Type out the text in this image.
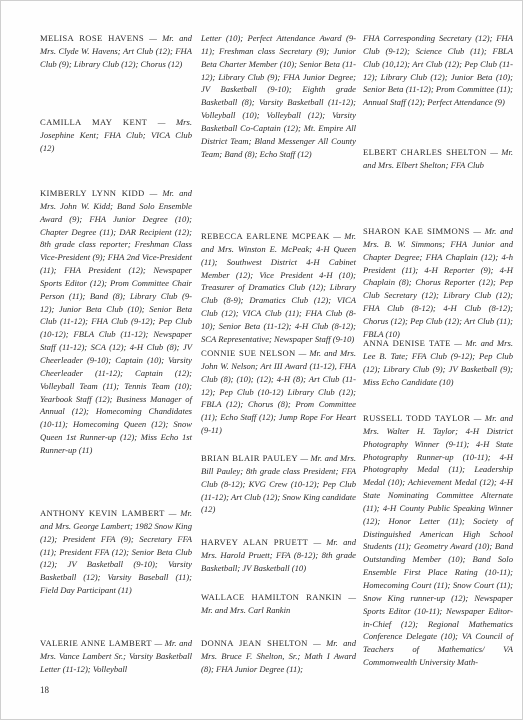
MELISA ROSE HAVENS — Mr. and Mrs. Clyde W. Havens; Art Club (12); FHA Club (9); Library Club (12); Chorus (12)

CAMILLA MAY KENT — Mrs. Josephine Kent; FHA Club; VICA Club (12)

KIMBERLY LYNN KIDD — Mr. and Mrs. John W. Kidd; Band Solo Ensemble Award (9); FHA Junior Degree (10); Chapter Degree (11); DAR Recipient (12); 8th grade class reporter; Freshman Class Vice-President (9); FHA 2nd Vice-President (11); FHA President (12); Newspaper Sports Editor (12); Prom Committee Chair Person (11); Band (8); Library Club (9-12); Junior Beta Club (10); Senior Beta Club (11-12); FHA Club (9-12); Pep Club (10-12); FBLA Club (11-12); Newspaper Staff (11-12); SCA (12); 4-H Club (8); JV Cheerleader (9-10); Captain (10); Varsity Cheerleader (11-12); Captain (12); Volleyball Team (11); Tennis Team (10); Yearbook Staff (12); Business Manager of Annual (12); Homecoming Chandidates (10-11); Homecoming Queen (12); Snow Queen 1st Runner-up (12); Miss Echo 1st Runner-up (11)

ANTHONY KEVIN LAMBERT — Mr. and Mrs. George Lambert; 1982 Snow King (12); President FFA (9); Secretary FFA (11); President FFA (12); Senior Beta Club (12); JV Basketball (9-10); Varsity Basketball (12); Varsity Baseball (11); Field Day Participant (11)

VALERIE ANNE LAMBERT — Mr. and Mrs. Vance Lambert Sr.; Varsity Basketball Letter (11-12); Volleyball

Letter (10); Perfect Attendance Award (9-11); Freshman class Secretary (9); Junior Beta Charter Member (10); Senior Beta (11-12); Library Club (9); FHA Junior Degree; JV Basketball (9-10); Eighth grade Basketball (8); Varsity Basketball (11-12); Volleyball (10); Volleyball (12); Varsity Basketball Co-Captain (12); Mt. Empire All District Team; Bland Messenger All County Team; Band (8); Echo Staff (12)

REBECCA EARLENE MCPEAK — Mr. and Mrs. Winston E. McPeak; 4-H Queen (11); Southwest District 4-H Cabinet Member (12); Vice President 4-H (10); Treasurer of Dramatics Club (12); Library Club (8-9); Dramatics Club (12); VICA Club (12); VICA Club (11); FHA Club (8-10); Senior Beta (11-12); 4-H Club (8-12); SCA Representative; Newspaper Staff (9-10)

CONNIE SUE NELSON — Mr. and Mrs. John W. Nelson; Art III Award (11-12), FHA Club (8); (10); (12); 4-H (8); Art Club (11-12); Pep Club (10-12) Library Club (12); FBLA (12); Chorus (8); Prom Committee (11); Echo Staff (12); Jump Rope For Heart (9-11)

BRIAN BLAIR PAULEY — Mr. and Mrs. Bill Pauley; 8th grade class President; FFA Club (8-12); KVG Crew (10-12); Pep Club (11-12); Art Club (12); Snow King candidate (12)

HARVEY ALAN PRUETT — Mr. and Mrs. Harold Pruett; FFA (8-12); 8th grade Basketball; JV Basketball (10)

WALLACE HAMILTON RANKIN — Mr. and Mrs. Carl Rankin

DONNA JEAN SHELTON — Mr. and Mrs. Bruce F. Shelton, Sr.; Math I Award (8); FHA Junior Degree (11);

FHA Corresponding Secretary (12); FHA Club (9-12); Science Club (11); FBLA Club (10,12); Art Club (12); Pep Club (11-12); Library Club (12); Junior Beta (10); Senior Beta (11-12); Prom Committee (11); Annual Staff (12); Perfect Attendance (9)

ELBERT CHARLES SHELTON — Mr. and Mrs. Elbert Shelton; FFA Club

SHARON KAE SIMMONS — Mr. and Mrs. B. W. Simmons; FHA Junior and Chapter Degree; FHA Chaplain (12); 4-h President (11); 4-H Reporter (9); 4-H Chaplain (8); Chorus Reporter (12); Pep Club Secretary (12); Library Club (12); FHA Club (8-12); 4-H Club (8-12); Chorus (12); Pep Club (12); Art Club (11); FBLA (10)

ANNA DENISE TATE — Mr. and Mrs. Lee B. Tate; FFA Club (9-12); Pep Club (12); Library Club (9); JV Basketball (9); Miss Echo Candidate (10)

RUSSELL TODD TAYLOR — Mr. and Mrs. Walter H. Taylor; 4-H District Photography Winner (9-11); 4-H State Photography Runner-up (10-11); 4-H Photography Medal (11); Leadership Medal (10); Achievement Medal (12); 4-H State Nominating Committee Alternate (11); 4-H County Public Speaking Winner (12); Honor Letter (11); Society of Distinguished American High School Students (11); Geometry Award (10); Band Outstanding Member (10); Band Solo Ensemble First Place Rating (10-11); Homecoming Court (11); Snow Court (11); Snow King runner-up (12); Newspaper Sports Editor (10-11); Newspaper Editor-in-Chief (12); Regional Mathematics Conference Delegate (10); VA Council of Teachers of Mathematics/ VA Commonwealth University Math-

18
